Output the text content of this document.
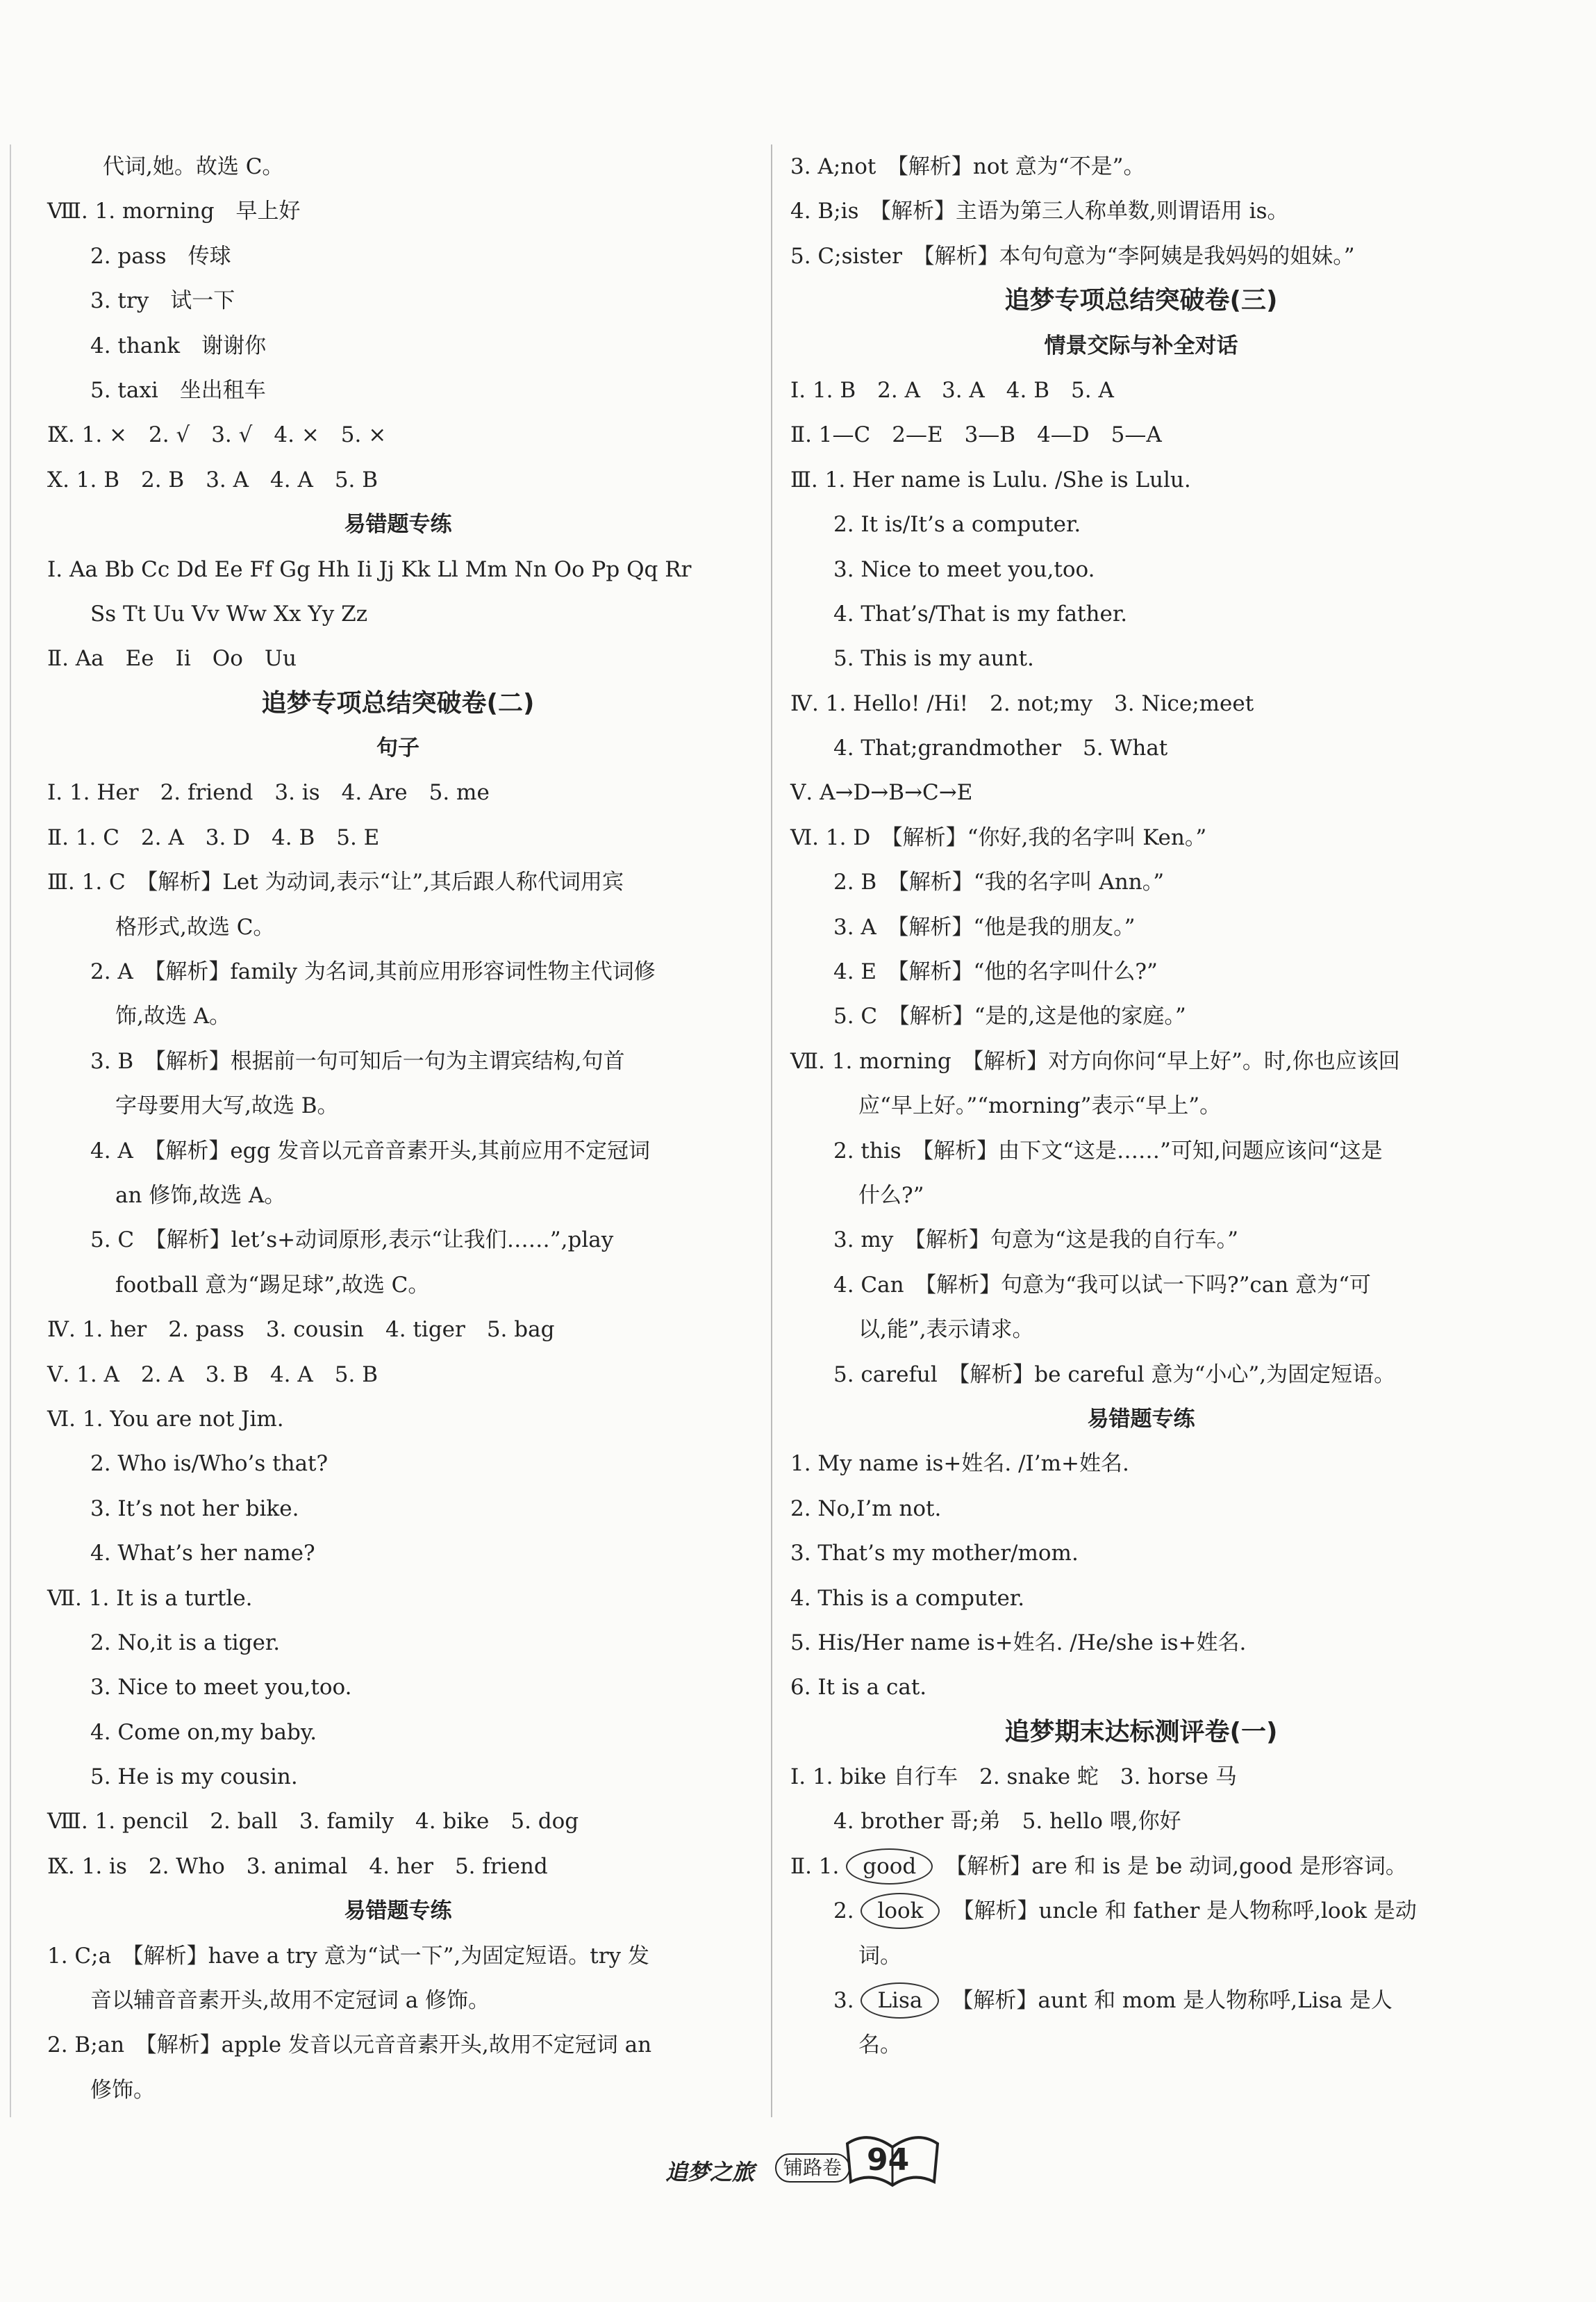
代词,她。故选 C。
Ⅷ. 1. morning　早上好
2. pass　传球
3. try　试一下
4. thank　谢谢你
5. taxi　坐出租车
Ⅸ. 1. ×　2. √　3. √　4. ×　5. ×
Ⅹ. 1. B　2. B　3. A　4. A　5. B
易错题专练
Ⅰ. Aa Bb Cc Dd Ee Ff Gg Hh Ii Jj Kk Ll Mm Nn Oo Pp Qq Rr
Ss Tt Uu Vv Ww Xx Yy Zz
Ⅱ. Aa　Ee　Ii　Oo　Uu
追梦专项总结突破卷(二)
句子
Ⅰ. 1. Her　2. friend　3. is　4. Are　5. me
Ⅱ. 1. C　2. A　3. D　4. B　5. E
Ⅲ. 1. C　【解析】Let 为动词,表示“让”,其后跟人称代词用宾
格形式,故选 C。
2. A　【解析】family 为名词,其前应用形容词性物主代词修
饰,故选 A。
3. B　【解析】根据前一句可知后一句为主谓宾结构,句首
字母要用大写,故选 B。
4. A　【解析】egg 发音以元音音素开头,其前应用不定冠词
an 修饰,故选 A。
5. C　【解析】let’s+动词原形,表示“让我们……”,play
football 意为“踢足球”,故选 C。
Ⅳ. 1. her　2. pass　3. cousin　4. tiger　5. bag
Ⅴ. 1. A　2. A　3. B　4. A　5. B
Ⅵ. 1. You are not Jim.
2. Who is/Who’s that?
3. It’s not her bike.
4. What’s her name?
Ⅶ. 1. It is a turtle.
2. No,it is a tiger.
3. Nice to meet you,too.
4. Come on,my baby.
5. He is my cousin.
Ⅷ. 1. pencil　2. ball　3. family　4. bike　5. dog
Ⅸ. 1. is　2. Who　3. animal　4. her　5. friend
易错题专练
1. C;a　【解析】have a try 意为“试一下”,为固定短语。try 发
音以辅音音素开头,故用不定冠词 a 修饰。
2. B;an　【解析】apple 发音以元音音素开头,故用不定冠词 an
修饰。
3. A;not　【解析】not 意为“不是”。
4. B;is　【解析】主语为第三人称单数,则谓语用 is。
5. C;sister　【解析】本句句意为“李阿姨是我妈妈的姐妹。”
追梦专项总结突破卷(三)
情景交际与补全对话
Ⅰ. 1. B　2. A　3. A　4. B　5. A
Ⅱ. 1—C　2—E　3—B　4—D　5—A
Ⅲ. 1. Her name is Lulu. /She is Lulu.
2. It is/It’s a computer.
3. Nice to meet you,too.
4. That’s/That is my father.
5. This is my aunt.
Ⅳ. 1. Hello! /Hi!　2. not;my　3. Nice;meet
4. That;grandmother　5. What
Ⅴ. A→D→B→C→E
Ⅵ. 1. D　【解析】“你好,我的名字叫 Ken。”
2. B　【解析】“我的名字叫 Ann。”
3. A　【解析】“他是我的朋友。”
4. E　【解析】“他的名字叫什么?”
5. C　【解析】“是的,这是他的家庭。”
Ⅶ. 1. morning　【解析】对方向你问“早上好”。时,你也应该回
应“早上好。”“morning”表示“早上”。
2. this　【解析】由下文“这是……”可知,问题应该问“这是
什么?”
3. my　【解析】句意为“这是我的自行车。”
4. Can　【解析】句意为“我可以试一下吗?”can 意为“可
以,能”,表示请求。
5. careful　【解析】be careful 意为“小心”,为固定短语。
易错题专练
1. My name is+姓名. /I’m+姓名.
2. No,I’m not.
3. That’s my mother/mom.
4. This is a computer.
5. His/Her name is+姓名. /He/she is+姓名.
6. It is a cat.
追梦期末达标测评卷(一)
Ⅰ. 1. bike 自行车　2. snake 蛇　3. horse 马
4. brother 哥;弟　5. hello 喂,你好
Ⅱ. 1. good 【解析】are 和 is 是 be 动词,good 是形容词。
2. look 【解析】uncle 和 father 是人物称呼,look 是动
词。
3. Lisa 【解析】aunt 和 mom 是人物称呼,Lisa 是人
名。
追梦之旅	铺路卷 94
